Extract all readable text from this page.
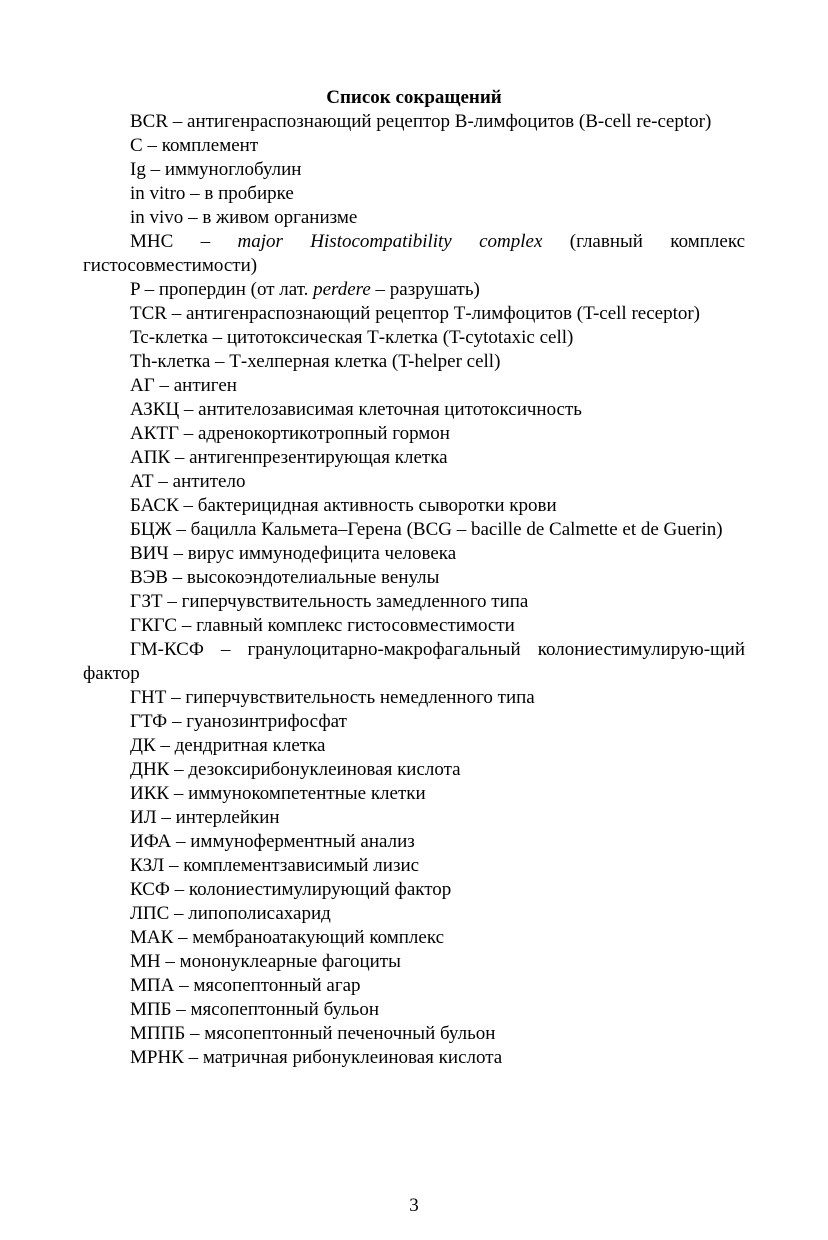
Список сокращений

BCR – антигенраспознающий рецептор В-лимфоцитов (B-cell re-ceptor)

С – комплемент

Ig – иммуноглобулин

in vitro – в пробирке

in vivo – в живом организме

МНС – major Histocompatibility complex (главный комплекс гистосовместимости)

P – пропердин (от лат. perdere – разрушать)

TCR – антигенраспознающий рецептор Т-лимфоцитов (T-cell receptor)

Tc-клетка – цитотоксическая Т-клетка (T-cytotaxic cell)

Th-клетка – Т-хелперная клетка (T-helper cell)

АГ – антиген

АЗКЦ – антителозависимая клеточная цитотоксичность

АКТГ – адренокортикотропный гормон

АПК – антигенпрезентирующая клетка

АТ – антитело

БАСК – бактерицидная активность сыворотки крови

БЦЖ – бацилла Кальмета–Герена (BCG – bacille de Calmette et de Guerin)

ВИЧ – вирус иммунодефицита человека

ВЭВ – высокоэндотелиальные венулы

ГЗТ – гиперчувствительность замедленного типа

ГКГС – главный комплекс гистосовместимости

ГМ-КСФ – гранулоцитарно-макрофагальный колониестимулирую-щий фактор

ГНТ – гиперчувствительность немедленного типа

ГТФ – гуанозинтрифосфат

ДК – дендритная клетка

ДНК – дезоксирибонуклеиновая кислота

ИКК – иммунокомпетентные клетки

ИЛ – интерлейкин

ИФА – иммуноферментный анализ

КЗЛ – комплементзависимый лизис

КСФ – колониестимулирующий фактор

ЛПС – липополисахарид

МАК – мембраноатакующий комплекс

МН – мононуклеарные фагоциты

МПА – мясопептонный агар

МПБ – мясопептонный бульон

МППБ – мясопептонный печеночный бульон

МРНК – матричная рибонуклеиновая кислота

3
